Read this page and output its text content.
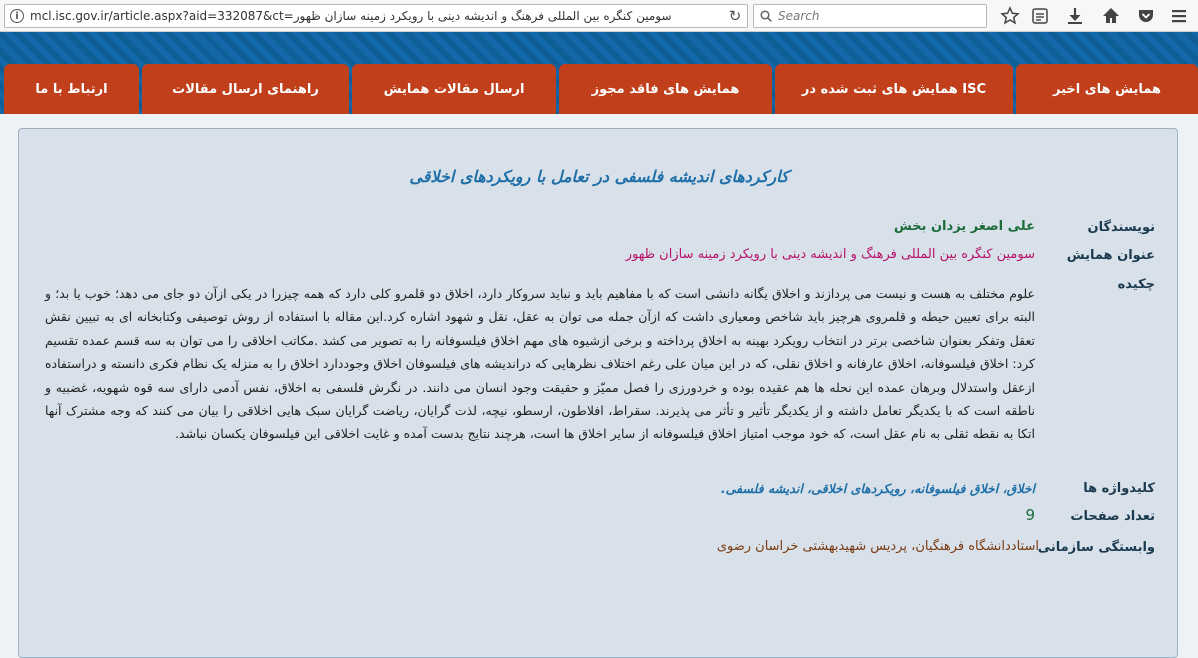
i mcl.isc.gov.ir/article.aspx?aid=332087&ct=سومین کنگره بین المللی فرهنگ و اندیشه دینی با رویکرد زمینه سازان ظهور	↻
Search
همایش های اخیر
همایش های ثبت شده در ISC
همایش های فاقد مجوز
ارسال مقالات همایش
راهنمای ارسال مقالات
ارتباط با ما
کارکردهای اندیشه فلسفی در تعامل با رویکردهای اخلاقی
نویسندگان
علی اصغر یزدان بخش
عنوان همایش
سومین کنگره بین المللی فرهنگ و اندیشه دینی با رویکرد زمینه سازان ظهور
چکیده
علوم مختلف به هست و نیست می پردازند و اخلاق یگانه دانشی است که با مفاهیم باید و نباید سروکار دارد، اخلاق دو قلمرو کلی دارد که همه چیزرا در یکی ازآن دو جای می دهد؛ خوب یا بد؛ و البته برای تعیین حیطه و قلمروی هرچیز باید شاخص ومعیاری داشت که ازآن جمله می توان به عقل، نقل و شهود اشاره کرد.این مقاله با استفاده از روش توصیفی وکتابخانه ای به تبیین نقش تعقل وتفکر بعنوان شاخصی برتر در انتخاب رویکرد بهینه به اخلاق پرداخته و برخی ازشیوه های مهم اخلاق فیلسوفانه را به تصویر می کشد .مکاتب اخلاقی را می توان به سه قسم عمده تقسیم کرد: اخلاق فیلسوفانه، اخلاق عارفانه و اخلاق نقلی، که در این میان علی رغم اختلاف نظرهایی که دراندیشه های فیلسوفان اخلاق وجوددارد اخلاق را به منزله یک نظام فکری دانسته و دراستفاده ازعقل واستدلال وبرهان عمده این نحله ها هم عقیده بوده و خردورزی را فصل ممیّز و حقیقت وجود انسان می دانند. در نگرش فلسفی به اخلاق، نفس آدمی دارای سه قوه شهویه، غضبیه و ناطقه است که با یکدیگر تعامل داشته و از یکدیگر تأثیر و تأثر می پذیرند. سقراط، افلاطون، ارسطو، نیچه، لذت گرایان، ریاضت گرایان سبک هایی اخلاقی را بیان می کنند که وجه مشترک آنها اتکا به نقطه ثقلی به نام عقل است، که خود موجب امتیاز اخلاق فیلسوفانه از سایر اخلاق ها است، هرچند نتایج بدست آمده و غایت اخلاقی این فیلسوفان یکسان نباشد.
کلیدواژه ها
اخلاق، اخلاق فیلسوفانه، رویکردهای اخلاقی، اندیشه فلسفی.
تعداد صفحات
9
وابستگی سازمانی
استاددانشگاه فرهنگیان، پردیس شهیدبهشتی خراسان رضوی
